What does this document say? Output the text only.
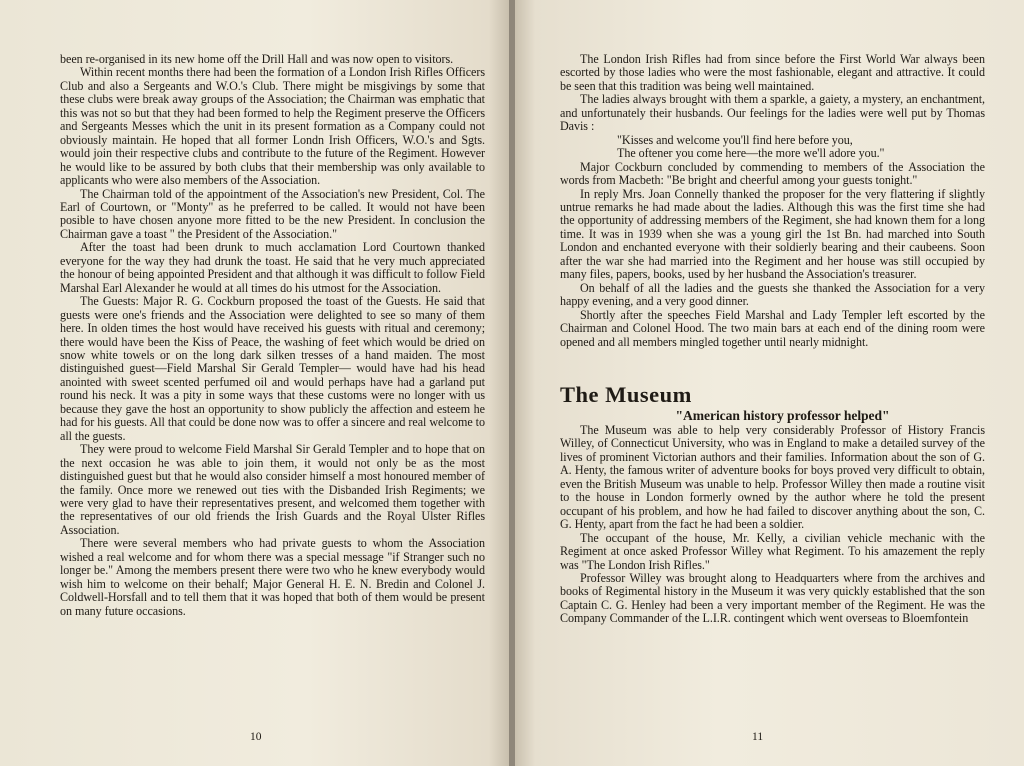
been re-organised in its new home off the Drill Hall and was now open to visitors.

Within recent months there had been the formation of a London Irish Rifles Officers Club and also a Sergeants and W.O.'s Club. There might be misgivings by some that these clubs were break away groups of the Association; the Chairman was emphatic that this was not so but that they had been formed to help the Regiment preserve the Officers and Sergeants Messes which the unit in its present formation as a Company could not obviously maintain. He hoped that all former Londn Irish Officers, W.O.'s and Sgts. would join their respective clubs and contribute to the future of the Regiment. However he would like to be assured by both clubs that their membership was only available to applicants who were also members of the Association.

The Chairman told of the appointment of the Association's new President, Col. The Earl of Courtown, or "Monty" as he preferred to be called. It would not have been posible to have chosen anyone more fitted to be the new President. In conclusion the Chairman gave a toast " the President of the Association."

After the toast had been drunk to much acclamation Lord Courtown thanked everyone for the way they had drunk the toast. He said that he very much appreciated the honour of being appointed President and that although it was difficult to follow Field Marshal Earl Alexander he would at all times do his utmost for the Association.

The Guests: Major R. G. Cockburn proposed the toast of the Guests. He said that guests were one's friends and the Association were delighted to see so many of them here. In olden times the host would have received his guests with ritual and ceremony; there would have been the Kiss of Peace, the washing of feet which would be dried on snow white towels or on the long dark silken tresses of a hand maiden. The most distinguished guest—Field Marshal Sir Gerald Templer— would have had his head anointed with sweet scented perfumed oil and would perhaps have had a garland put round his neck. It was a pity in some ways that these customs were no longer with us because they gave the host an opportunity to show publicly the affection and esteem he had for his guests. All that could be done now was to offer a sincere and real welcome to all the guests.

They were proud to welcome Field Marshal Sir Gerald Templer and to hope that on the next occasion he was able to join them, it would not only be as the most distinguished guest but that he would also consider himself a most honoured member of the family. Once more we renewed out ties with the Disbanded Irish Regiments; we were very glad to have their representatives present, and welcomed them together with the representatives of our old friends the Irish Guards and the Royal Ulster Rifles Association.

There were several members who had private guests to whom the Association wished a real welcome and for whom there was a special message "if Stranger such no longer be." Among the members present there were two who he knew everybody would wish him to welcome on their behalf; Major General H. E. N. Bredin and Colonel J. Coldwell-Horsfall and to tell them that it was hoped that both of them would be present on many future occasions.

10

The London Irish Rifles had from since before the First World War always been escorted by those ladies who were the most fashionable, elegant and attractive. It could be seen that this tradition was being well maintained.

The ladies always brought with them a sparkle, a gaiety, a mystery, an enchantment, and unfortunately their husbands. Our feelings for the ladies were well put by Thomas Davis :

"Kisses and welcome you'll find here before you,

The oftener you come here—the more we'll adore you."

Major Cockburn concluded by commending to members of the Association the words from Macbeth: "Be bright and cheerful among your guests tonight."

In reply Mrs. Joan Connelly thanked the proposer for the very flattering if slightly untrue remarks he had made about the ladies. Although this was the first time she had the opportunity of addressing members of the Regiment, she had known them for a long time. It was in 1939 when she was a young girl the 1st Bn. had marched into South London and enchanted everyone with their soldierly bearing and their caubeens. Soon after the war she had married into the Regiment and her house was still occupied by many files, papers, books, used by her husband the Association's treasurer.

On behalf of all the ladies and the guests she thanked the Association for a very happy evening, and a very good dinner.

Shortly after the speeches Field Marshal and Lady Templer left escorted by the Chairman and Colonel Hood. The two main bars at each end of the dining room were opened and all members mingled together until nearly midnight.

The Museum

"American history professor helped"

The Museum was able to help very considerably Professor of History Francis Willey, of Connecticut University, who was in England to make a detailed survey of the lives of prominent Victorian authors and their families. Information about the son of G. A. Henty, the famous writer of adventure books for boys proved very difficult to obtain, even the British Museum was unable to help. Professor Willey then made a routine visit to the house in London formerly owned by the author where he told the present occupant of his problem, and how he had failed to discover anything about the son, C. G. Henty, apart from the fact he had been a soldier.

The occupant of the house, Mr. Kelly, a civilian vehicle mechanic with the Regiment at once asked Professor Willey what Regiment. To his amazement the reply was "The London Irish Rifles."

Professor Willey was brought along to Headquarters where from the archives and books of Regimental history in the Museum it was very quickly established that the son Captain C. G. Henley had been a very important member of the Regiment. He was the Company Commander of the L.I.R. contingent which went overseas to Bloemfontein

11
